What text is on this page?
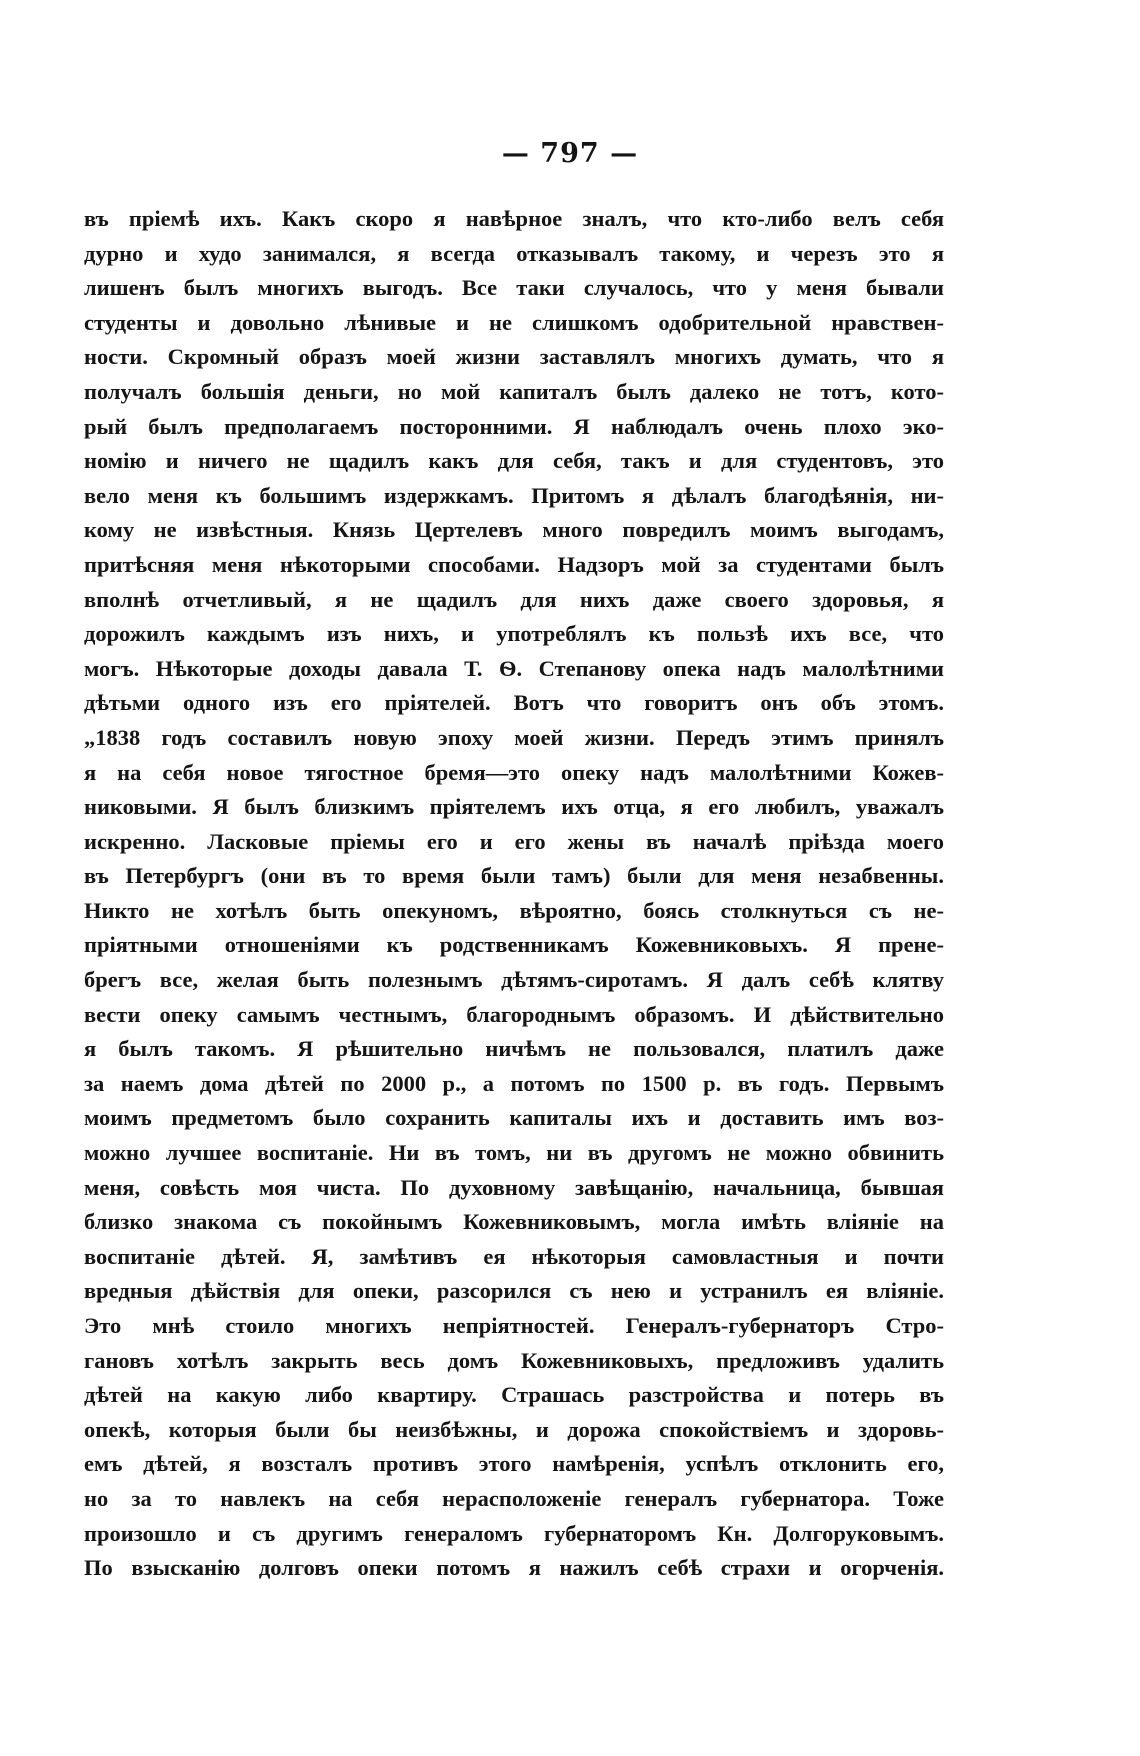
— 797 —
въ пріемѣ ихъ. Какъ скоро я навѣрное зналъ, что кто-либо велъ себя
дурно и худо занимался, я всегда отказывалъ такому, и черезъ это я
лишенъ былъ многихъ выгодъ. Все таки случалось, что у меня бывали
студенты и довольно лѣнивые и не слишкомъ одобрительной нравствен-
ности. Скромный образъ моей жизни заставлялъ многихъ думать, что я
получалъ большія деньги, но мой капиталъ былъ далеко не тотъ, кото-
рый былъ предполагаемъ посторонними. Я наблюдалъ очень плохо эко-
номію и ничего не щадилъ какъ для себя, такъ и для студентовъ, это
вело меня къ большимъ издержкамъ. Притомъ я дѣлалъ благодѣянія, ни-
кому не извѣстныя. Князь Цертелевъ много повредилъ моимъ выгодамъ,
притѣсняя меня нѣкоторыми способами. Надзоръ мой за студентами былъ
вполнѣ отчетливый, я не щадилъ для нихъ даже своего здоровья, я
дорожилъ каждымъ изъ нихъ, и употреблялъ къ пользѣ ихъ все, что
могъ. Нѣкоторые доходы давала Т. Ѳ. Степанову опека надъ малолѣтними
дѣтьми одного изъ его пріятелей. Вотъ что говоритъ онъ объ этомъ.
„1838 годъ составилъ новую эпоху моей жизни. Передъ этимъ принялъ
я на себя новое тягостное бремя—это опеку надъ малолѣтними Кожев-
никовыми. Я былъ близкимъ пріятелемъ ихъ отца, я его любилъ, уважалъ
искренно. Ласковые пріемы его и его жены въ началѣ пріѣзда моего
въ Петербургъ (они въ то время были тамъ) были для меня незабвенны.
Никто не хотѣлъ быть опекуномъ, вѣроятно, боясь столкнуться съ не-
пріятными отношеніями къ родственникамъ Кожевниковыхъ. Я прене-
брегъ все, желая быть полезнымъ дѣтямъ-сиротамъ. Я далъ себѣ клятву
вести опеку самымъ честнымъ, благороднымъ образомъ. И дѣйствительно
я былъ такомъ. Я рѣшительно ничѣмъ не пользовался, платилъ даже
за наемъ дома дѣтей по 2000 р., а потомъ по 1500 р. въ годъ. Первымъ
моимъ предметомъ было сохранить капиталы ихъ и доставить имъ воз-
можно лучшее воспитаніе. Ни въ томъ, ни въ другомъ не можно обвинить
меня, совѣсть моя чиста. По духовному завѣщанію, начальница, бывшая
близко знакома съ покойнымъ Кожевниковымъ, могла имѣть вліяніе на
воспитаніе дѣтей. Я, замѣтивъ ея нѣкоторыя самовластныя и почти
вредныя дѣйствія для опеки, разсорился съ нею и устранилъ ея вліяніе.
Это мнѣ стоило многихъ непріятностей. Генералъ-губернаторъ Стро-
гановъ хотѣлъ закрыть весь домъ Кожевниковыхъ, предложивъ удалить
дѣтей на какую либо квартиру. Страшась разстройства и потерь въ
опекѣ, которыя были бы неизбѣжны, и дорожа спокойствіемъ и здоровь-
емъ дѣтей, я возсталъ противъ этого намѣренія, успѣлъ отклонить его,
но за то навлекъ на себя нерасположеніе генералъ губернатора. Тоже
произошло и съ другимъ генераломъ губернаторомъ Кн. Долгоруковымъ.
По взысканію долговъ опеки потомъ я нажилъ себѣ страхи и огорченія.
